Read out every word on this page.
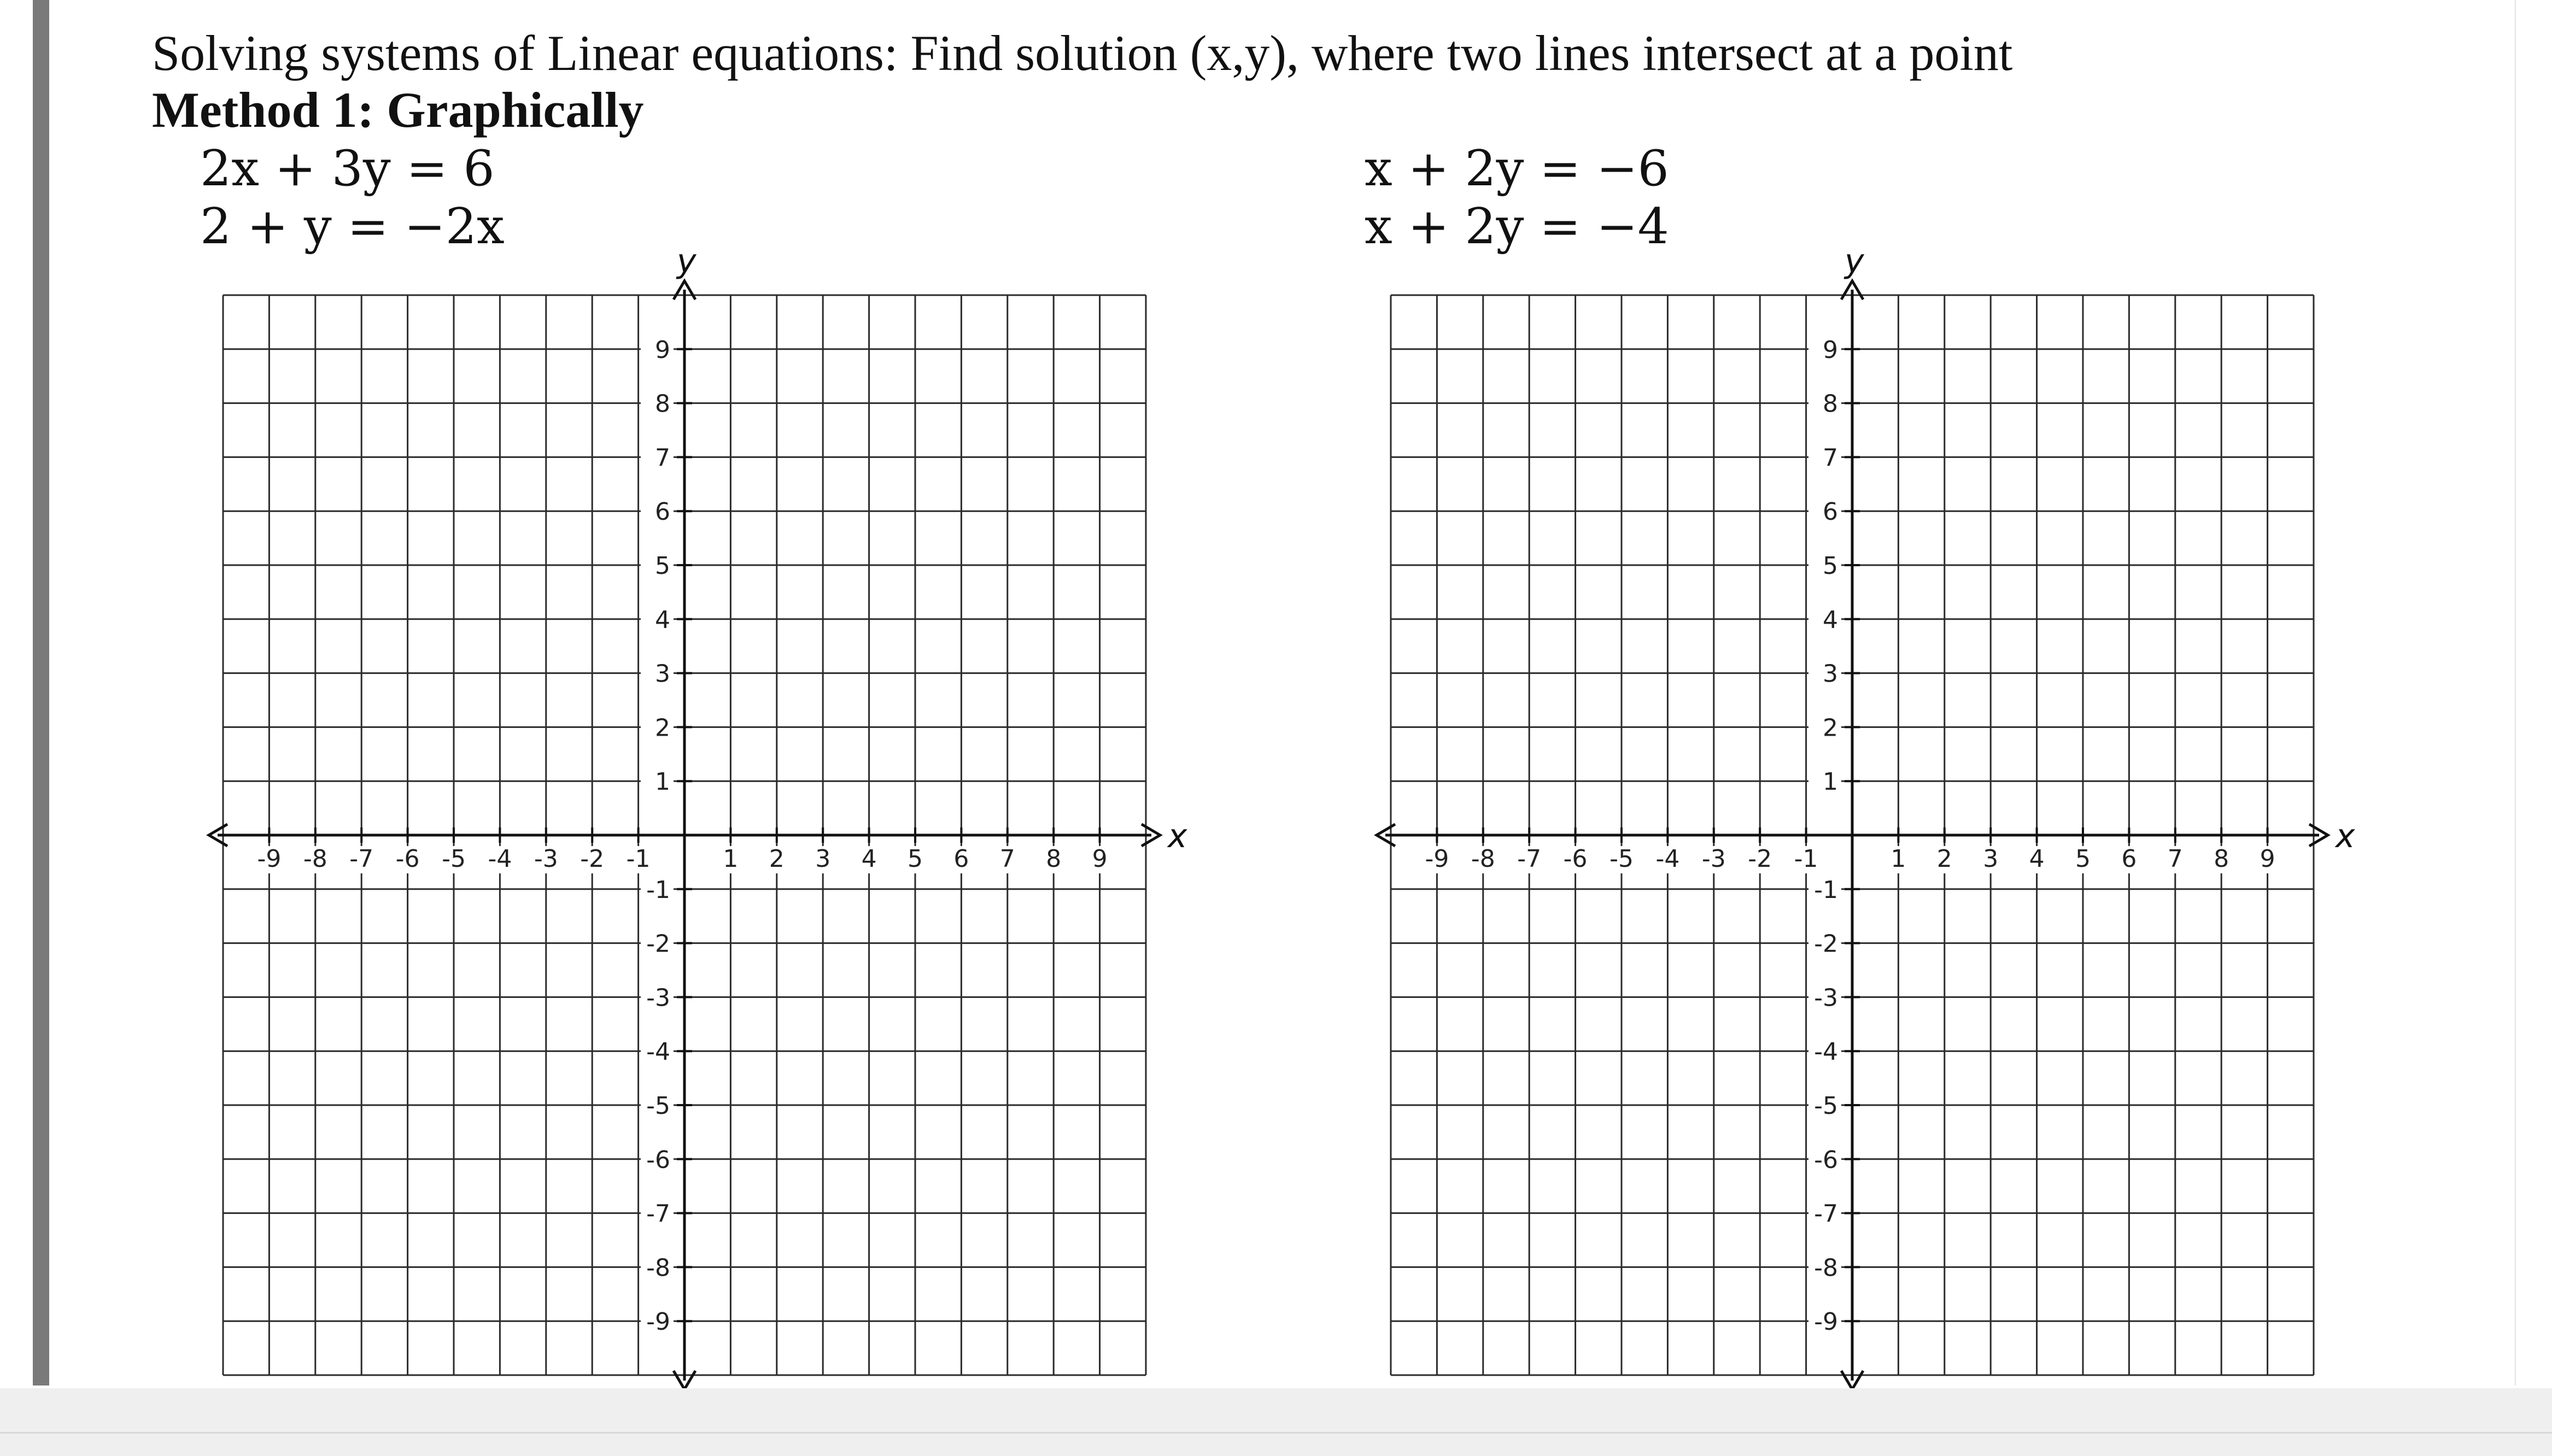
Solving systems of Linear equations: Find solution (x,y), where two lines intersect at a point
Method 1: Graphically
2x + 3y = 6
2 + y = −2x
x + 2y = −6
x + 2y = −4
x
y
-9 -8 -7 -6 -5 -4 -3 -2 -1	1 2 3 4 5 6 7 8 9
9
8
7
6
5
4
3
2
1
-1
-2
-3
-4
-5
-6
-7
-8
-9
x
y
-9 -8 -7 -6 -5 -4 -3 -2 -1	1 2 3 4 5 6 7 8 9
9
8
7
6
5
4
3
2
1
-1
-2
-3
-4
-5
-6
-7
-8
-9
